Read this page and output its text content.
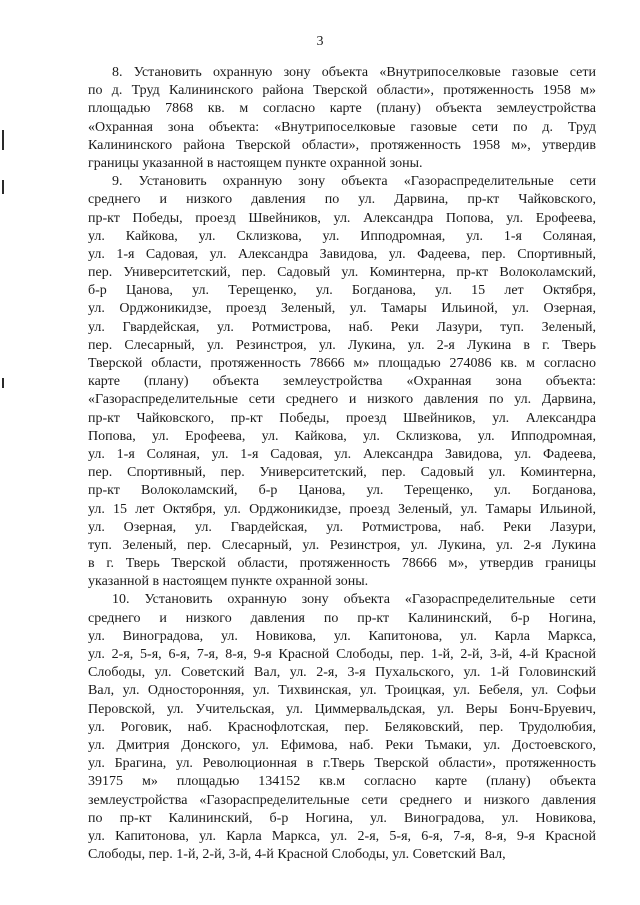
3
8. Установить охранную зону объекта «Внутрипоселковые газовые сети
по д. Труд Калининского района Тверской области», протяженность 1958 м»
площадью 7868 кв. м согласно карте (плану) объекта землеустройства
«Охранная зона объекта: «Внутрипоселковые газовые сети по д. Труд
Калининского района Тверской области», протяженность 1958 м», утвердив
границы указанной в настоящем пункте охранной зоны.
9. Установить охранную зону объекта «Газораспределительные сети
среднего и низкого давления по ул. Дарвина, пр-кт Чайковского,
пр-кт Победы, проезд Швейников, ул. Александра Попова, ул. Ерофеева,
ул. Кайкова, ул. Склизкова, ул. Ипподромная, ул. 1-я Соляная,
ул. 1-я Садовая, ул. Александра Завидова, ул. Фадеева, пер. Спортивный,
пер. Университетский, пер. Садовый ул. Коминтерна, пр-кт Волоколамский,
б-р Цанова, ул. Терещенко, ул. Богданова, ул. 15 лет Октября,
ул. Орджоникидзе, проезд Зеленый, ул. Тамары Ильиной, ул. Озерная,
ул. Гвардейская, ул. Ротмистрова, наб. Реки Лазури, туп. Зеленый,
пер. Слесарный, ул. Резинстроя, ул. Лукина, ул. 2-я Лукина в г. Тверь
Тверской области, протяженность 78666 м» площадью 274086 кв. м согласно
карте (плану) объекта землеустройства «Охранная зона объекта:
«Газораспределительные сети среднего и низкого давления по ул. Дарвина,
пр-кт Чайковского, пр-кт Победы, проезд Швейников, ул. Александра
Попова, ул. Ерофеева, ул. Кайкова, ул. Склизкова, ул. Ипподромная,
ул. 1-я Соляная, ул. 1-я Садовая, ул. Александра Завидова, ул. Фадеева,
пер. Спортивный, пер. Университетский, пер. Садовый ул. Коминтерна,
пр-кт Волоколамский, б-р Цанова, ул. Терещенко, ул. Богданова,
ул. 15 лет Октября, ул. Орджоникидзе, проезд Зеленый, ул. Тамары Ильиной,
ул. Озерная, ул. Гвардейская, ул. Ротмистрова, наб. Реки Лазури,
туп. Зеленый, пер. Слесарный, ул. Резинстроя, ул. Лукина, ул. 2-я Лукина
в г. Тверь Тверской области, протяженность 78666 м», утвердив границы
указанной в настоящем пункте охранной зоны.
10. Установить охранную зону объекта «Газораспределительные сети
среднего и низкого давления по пр-кт Калининский, б-р Ногина,
ул. Виноградова, ул. Новикова, ул. Капитонова, ул. Карла Маркса,
ул. 2-я, 5-я, 6-я, 7-я, 8-я, 9-я Красной Слободы, пер. 1-й, 2-й, 3-й, 4-й Красной
Слободы, ул. Советский Вал, ул. 2-я, 3-я Пухальского, ул. 1-й Головинский
Вал, ул. Односторонняя, ул. Тихвинская, ул. Троицкая, ул. Бебеля, ул. Софьи
Перовской, ул. Учительская, ул. Циммервальдская, ул. Веры Бонч-Бруевич,
ул. Роговик, наб. Краснофлотская, пер. Беляковский, пер. Трудолюбия,
ул. Дмитрия Донского, ул. Ефимова, наб. Реки Тьмаки, ул. Достоевского,
ул. Брагина, ул. Революционная в г.Тверь Тверской области», протяженность
39175 м» площадью 134152 кв.м согласно карте (плану) объекта
землеустройства «Газораспределительные сети среднего и низкого давления
по пр-кт Калининский, б-р Ногина, ул. Виноградова, ул. Новикова,
ул. Капитонова, ул. Карла Маркса, ул. 2-я, 5-я, 6-я, 7-я, 8-я, 9-я Красной
Слободы, пер. 1-й, 2-й, 3-й, 4-й Красной Слободы, ул. Советский Вал,
